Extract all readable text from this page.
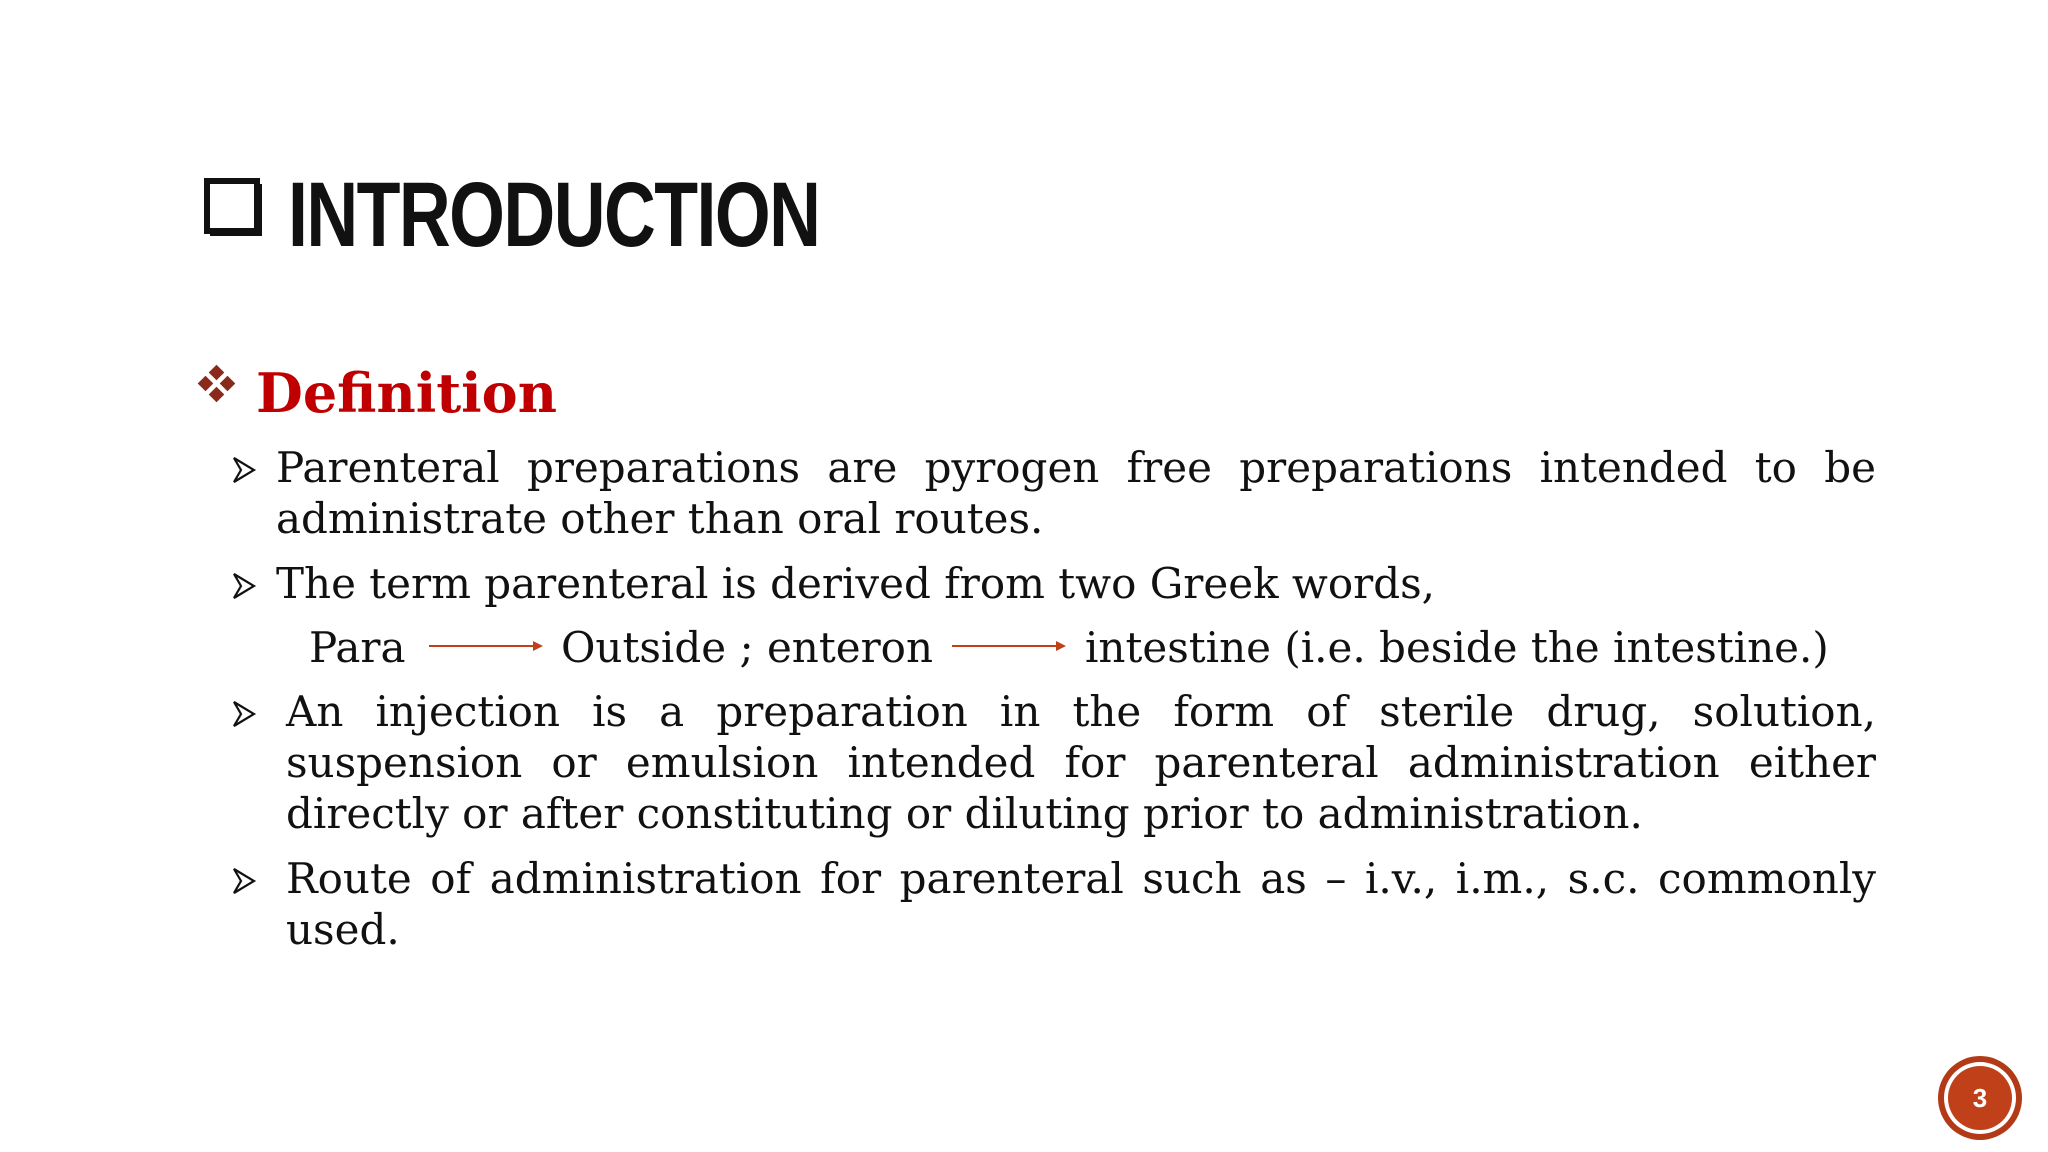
INTRODUCTION
Definition
Parenteral preparations are pyrogen free preparations intended to be administrate other than oral routes.
The term parenteral is derived from two Greek words,
Para	Outside ; enteron	intestine (i.e. beside the intestine.)
An injection is a preparation in the form of sterile drug, solution, suspension or emulsion intended for parenteral administration either directly or after constituting or diluting prior to administration.
Route of administration for parenteral such as – i.v., i.m., s.c. commonly used.
3
